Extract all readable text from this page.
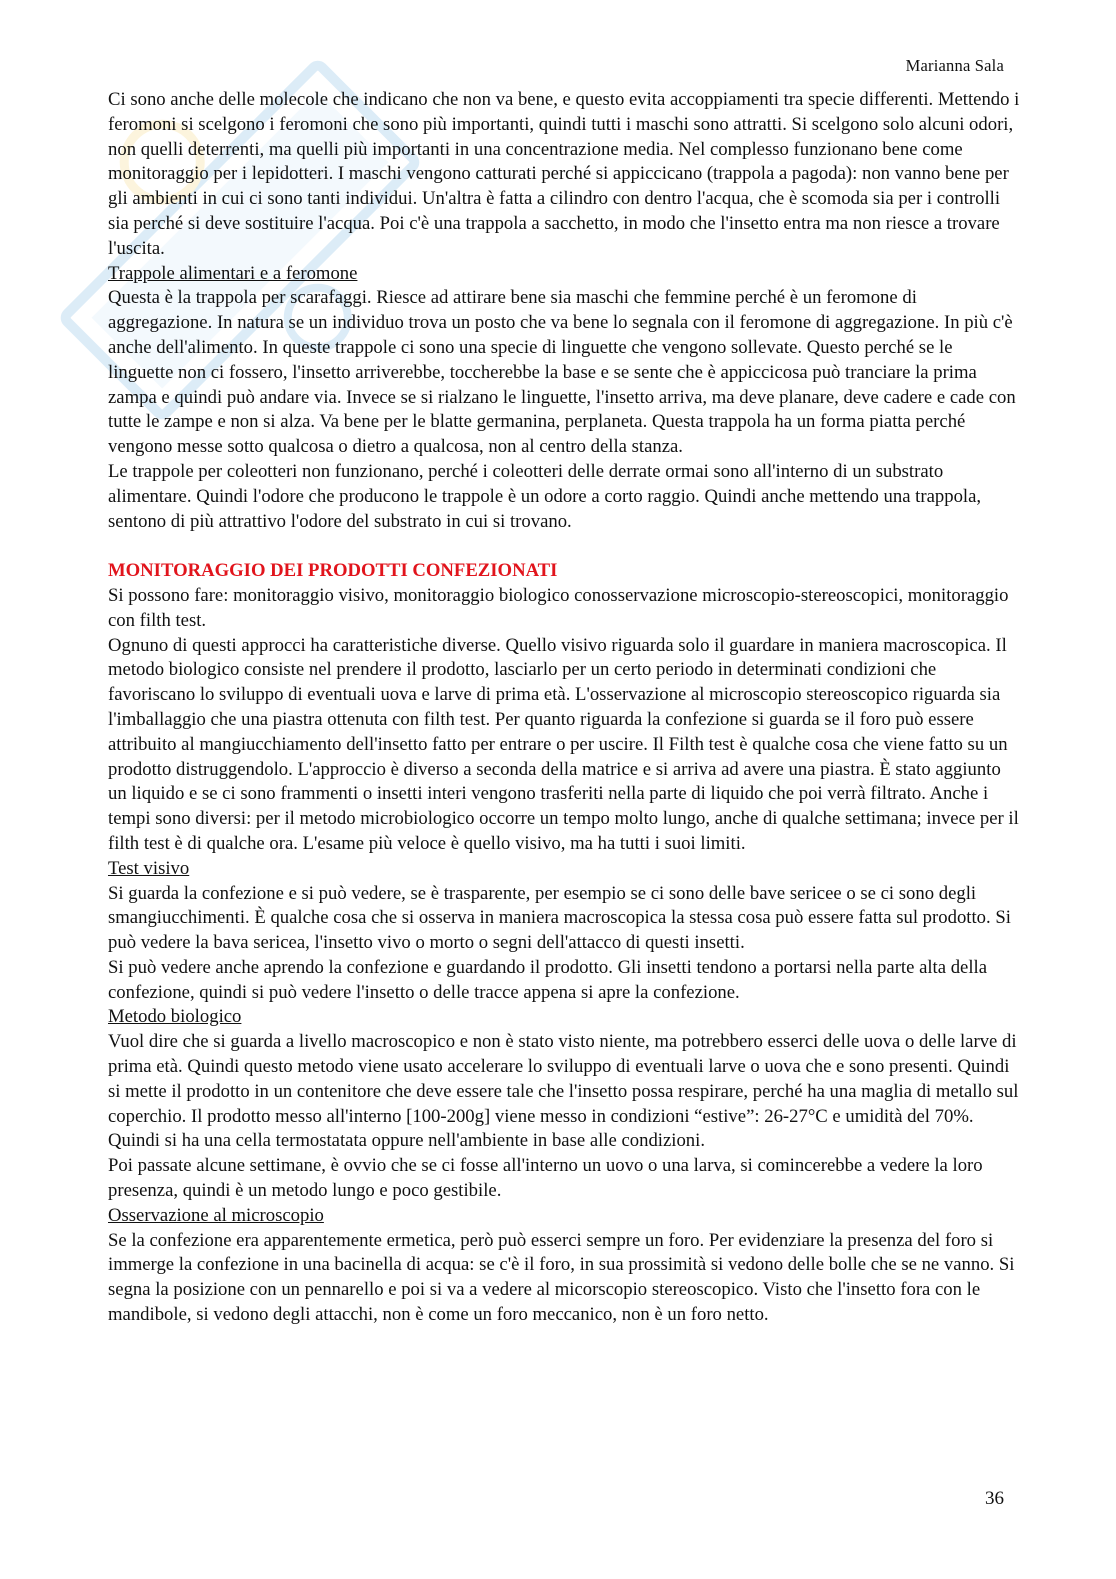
Marianna Sala

Ci sono anche delle molecole che indicano che non va bene, e questo evita accoppiamenti tra specie differenti. Mettendo i feromoni si scelgono i feromoni che sono più importanti, quindi tutti i maschi sono attratti. Si scelgono solo alcuni odori, non quelli deterrenti, ma quelli più importanti in una concentrazione media. Nel complesso funzionano bene come monitoraggio per i lepidotteri. I maschi vengono catturati perché si appiccicano (trappola a pagoda): non vanno bene per gli ambienti in cui ci sono tanti individui. Un'altra è fatta a cilindro con dentro l'acqua, che è scomoda sia per i controlli sia perché si deve sostituire l'acqua. Poi c'è una trappola a sacchetto, in modo che l'insetto entra ma non riesce a trovare l'uscita.

Trappole alimentari e a feromone

Questa è la trappola per scarafaggi. Riesce ad attirare bene sia maschi che femmine perché è un feromone di aggregazione. In natura se un individuo trova un posto che va bene lo segnala con il feromone di aggregazione. In più c'è anche dell'alimento. In queste trappole ci sono una specie di linguette che vengono sollevate. Questo perché se le linguette non ci fossero, l'insetto arriverebbe, toccherebbe la base e se sente che è appiccicosa può tranciare la prima zampa e quindi può andare via. Invece se si rialzano le linguette, l'insetto arriva, ma deve planare, deve cadere e cade con tutte le zampe e non si alza. Va bene per le blatte germanina, perplaneta. Questa trappola ha un forma piatta perché vengono messe sotto qualcosa o dietro a qualcosa, non al centro della stanza.

Le trappole per coleotteri non funzionano, perché i coleotteri delle derrate ormai sono all'interno di un substrato alimentare. Quindi l'odore che producono le trappole è un odore a corto raggio. Quindi anche mettendo una trappola, sentono di più attrattivo l'odore del substrato in cui si trovano.

MONITORAGGIO DEI PRODOTTI CONFEZIONATI

Si possono fare: monitoraggio visivo, monitoraggio biologico conosservazione microscopio-stereoscopici, monitoraggio con filth test.

Ognuno di questi approcci ha caratteristiche diverse. Quello visivo riguarda solo il guardare in maniera macroscopica. Il metodo biologico consiste nel prendere il prodotto, lasciarlo per un certo periodo in determinati condizioni che favoriscano lo sviluppo di eventuali uova e larve di prima età. L'osservazione al microscopio stereoscopico riguarda sia l'imballaggio che una piastra ottenuta con filth test. Per quanto riguarda la confezione si guarda se il foro può essere attribuito al mangiucchiamento dell'insetto fatto per entrare o per uscire. Il Filth test è qualche cosa che viene fatto su un prodotto distruggendolo. L'approccio è diverso a seconda della matrice e si arriva ad avere una piastra. È stato aggiunto un liquido e se ci sono frammenti o insetti interi vengono trasferiti nella parte di liquido che poi verrà filtrato. Anche i tempi sono diversi: per il metodo microbiologico occorre un tempo molto lungo, anche di qualche settimana; invece per il filth test è di qualche ora. L'esame più veloce è quello visivo, ma ha tutti i suoi limiti.

Test visivo

Si guarda la confezione e si può vedere, se è trasparente, per esempio se ci sono delle bave sericee o se ci sono degli smangiucchimenti. È qualche cosa che si osserva in maniera macroscopica la stessa cosa può essere fatta sul prodotto. Si può vedere la bava sericea, l'insetto vivo o morto o segni dell'attacco di questi insetti.

Si può vedere anche aprendo la confezione e guardando il prodotto. Gli insetti tendono a portarsi nella parte alta della confezione, quindi si può vedere l'insetto o delle tracce appena si apre la confezione.

Metodo biologico

Vuol dire che si guarda a livello macroscopico e non è stato visto niente, ma potrebbero esserci delle uova o delle larve di prima età. Quindi questo metodo viene usato accelerare lo sviluppo di eventuali larve o uova che e sono presenti. Quindi si mette il prodotto in un contenitore che deve essere tale che l'insetto possa respirare, perché ha una maglia di metallo sul coperchio. Il prodotto messo all'interno [100-200g] viene messo in condizioni “estive”: 26-27°C e umidità del 70%. Quindi si ha una cella termostatata oppure nell'ambiente in base alle condizioni.

Poi passate alcune settimane, è ovvio che se ci fosse all'interno un uovo o una larva, si comincerebbe a vedere la loro presenza, quindi è un metodo lungo e poco gestibile.

Osservazione al microscopio

Se la confezione era apparentemente ermetica, però può esserci sempre un foro. Per evidenziare la presenza del foro si immerge la confezione in una bacinella di acqua: se c'è il foro, in sua prossimità si vedono delle bolle che se ne vanno. Si segna la posizione con un pennarello e poi si va a vedere al micorscopio stereoscopico. Visto che l'insetto fora con le mandibole, si vedono degli attacchi, non è come un foro meccanico, non è un foro netto.

36
